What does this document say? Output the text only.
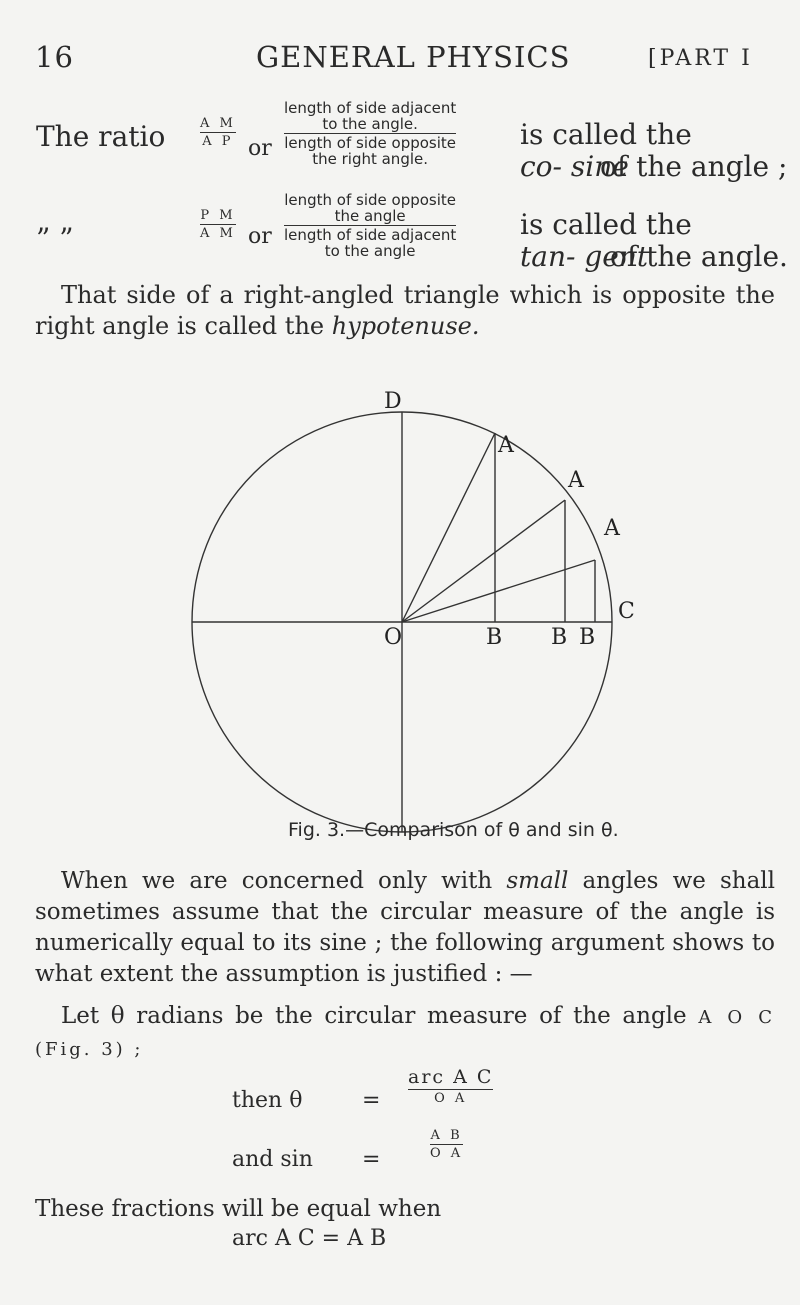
16	GENERAL PHYSICS	[PART I
The ratio	A M
A P or
length of side adjacent
to the angle.
length of side opposite
the right angle.
is called the
co- sine
of the angle ;
” ”
P M
A M or
length of side opposite
the angle
length of side adjacent
to the angle
is called the
tan- gent
of the angle.
That side of a right-angled triangle which is opposite the right angle is called the hypotenuse.
D
A
A
A
C
O	B B B
Fig. 3.—Comparison of θ and sin θ.
When we are concerned only with small angles we shall sometimes assume that the circular measure of the angle is numerically equal to its sine ; the following argument shows to what extent the assumption is justified : —
Let θ radians be the circular measure of the angle A O C (Fig. 3) ;
then θ	=
arc A C
O A
and sin =
A B
O A
These fractions will be equal when
arc A C = A B
